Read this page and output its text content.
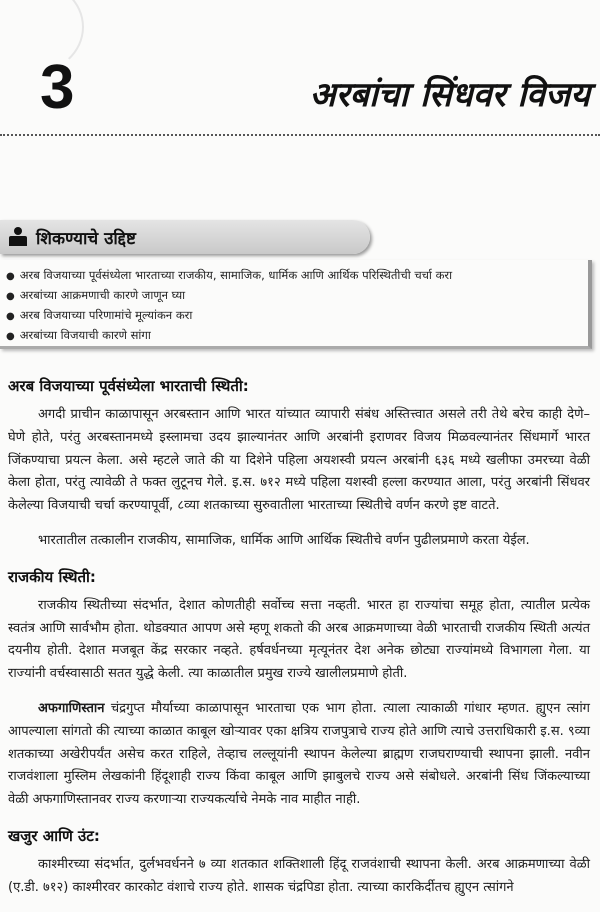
3	अरबांचा सिंधवर विजय
शिकण्याचे उद्दिष्ट
● अरब विजयाच्या पूर्वसंध्येला भारताच्या राजकीय, सामाजिक, धार्मिक आणि आर्थिक परिस्थितीची चर्चा करा
● अरबांच्या आक्रमणाची कारणे जाणून घ्या
● अरब विजयाच्या परिणामांचे मूल्यांकन करा
● अरबांच्या विजयाची कारणे सांगा
अरब विजयाच्या पूर्वसंध्येला भारताची स्थिती:

अगदी प्राचीन काळापासून अरबस्तान आणि भारत यांच्यात व्यापारी संबंध अस्तित्त्वात असले तरी तेथे बरेच काही देणे–घेणे होते, परंतु अरबस्तानमध्ये इस्लामचा उदय झाल्यानंतर आणि अरबांनी इराणवर विजय मिळवल्यानंतर सिंधमार्गे भारत जिंकण्याचा प्रयत्न केला. असे म्हटले जाते की या दिशेने पहिला अयशस्वी प्रयत्न अरबांनी ६३६ मध्ये खलीफा उमरच्या वेळी केला होता, परंतु त्यावेळी ते फक्त लुटूनच गेले. इ.स. ७१२ मध्ये पहिला यशस्वी हल्ला करण्यात आला, परंतु अरबांनी सिंधवर केलेल्या विजयाची चर्चा करण्यापूर्वी, ८व्या शतकाच्या सुरुवातीला भारताच्या स्थितीचे वर्णन करणे इष्ट वाटते.

भारतातील तत्कालीन राजकीय, सामाजिक, धार्मिक आणि आर्थिक स्थितीचे वर्णन पुढीलप्रमाणे करता येईल.

राजकीय स्थिती:

राजकीय स्थितीच्या संदर्भात, देशात कोणतीही सर्वोच्च सत्ता नव्हती. भारत हा राज्यांचा समूह होता, त्यातील प्रत्येक स्वतंत्र आणि सार्वभौम होता. थोडक्यात आपण असे म्हणू शकतो की अरब आक्रमणाच्या वेळी भारताची राजकीय स्थिती अत्यंत दयनीय होती. देशात मजबूत केंद्र सरकार नव्हते. हर्षवर्धनच्या मृत्यूनंतर देश अनेक छोट्या राज्यांमध्ये विभागला गेला. या राज्यांनी वर्चस्वासाठी सतत युद्धे केली. त्या काळातील प्रमुख राज्ये खालीलप्रमाणे होती.

अफगाणिस्तान चंद्रगुप्त मौर्याच्या काळापासून भारताचा एक भाग होता. त्याला त्याकाळी गांधार म्हणत. ह्युएन त्सांग आपल्याला सांगतो की त्याच्या काळात काबूल खोऱ्यावर एका क्षत्रिय राजपुत्राचे राज्य होते आणि त्याचे उत्तराधिकारी इ.स. ९व्या शतकाच्या अखेरीपर्यंत असेच करत राहिले, तेव्हाच लल्लूयांनी स्थापन केलेल्या ब्राह्मण राजघराण्याची स्थापना झाली. नवीन राजवंशाला मुस्लिम लेखकांनी हिंदूशाही राज्य किंवा काबूल आणि झाबुलचे राज्य असे संबोधले. अरबांनी सिंध जिंकल्याच्या वेळी अफगाणिस्तानवर राज्य करणाऱ्या राज्यकर्त्याचे नेमके नाव माहीत नाही.

खजुर आणि उंट:

काश्मीरच्या संदर्भात, दुर्लभवर्धनने ७ व्या शतकात शक्तिशाली हिंदू राजवंशाची स्थापना केली. अरब आक्रमणाच्या वेळी (ए.डी. ७१२) काश्मीरवर कारकोट वंशाचे राज्य होते. शासक चंद्रपिडा होता. त्याच्या कारकिर्दीतच ह्युएन त्सांगने
